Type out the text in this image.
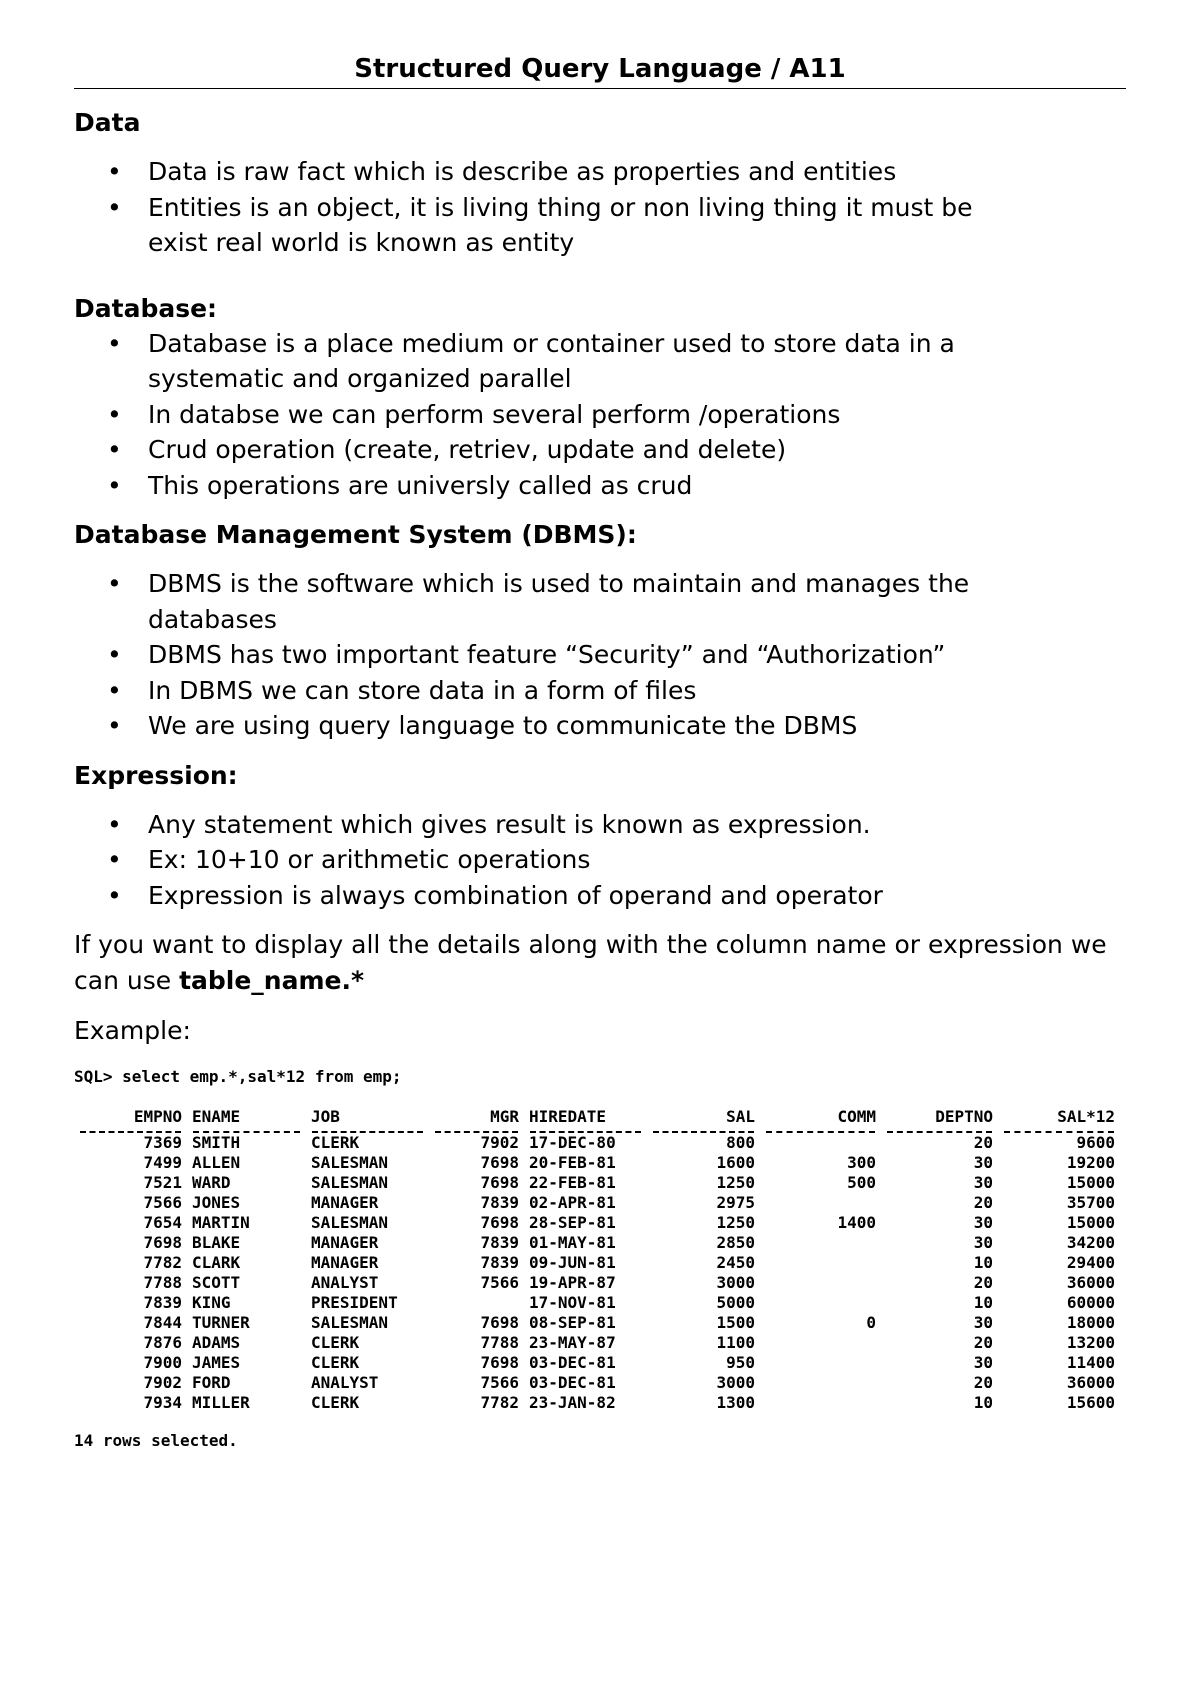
Structured Query Language / A11
Data
• Data is raw fact which is describe as properties and entities
• Entities is an object, it is living thing or non living thing it must be exist real world is known as entity
Database:
• Database is a place medium or container used to store data in a systematic and organized parallel
• In databse we can perform several perform /operations
• Crud operation (create, retriev, update and delete)
• This operations are universly called as crud
Database Management System (DBMS):
• DBMS is the software which is used to maintain and manages the databases
• DBMS has two important feature “Security” and “Authorization”
• In DBMS we can store data in a form of files
• We are using query language to communicate the DBMS
Expression:
• Any statement which gives result is known as expression.
• Ex: 10+10 or arithmetic operations
• Expression is always combination of operand and operator

If you want to display all the details along with the column name or expression we can use table_name.*

Example:

SQL> select emp.*,sal*12 from emp;
EMPNO	ENAME	JOB	MGR	HIREDATE	SAL	COMM	DEPTNO	SAL*12

7369	SMITH	CLERK	7902	17-DEC-80	800		20	9600
7499	ALLEN	SALESMAN	7698	20-FEB-81	1600	300	30	19200
7521	WARD	SALESMAN	7698	22-FEB-81	1250	500	30	15000
7566	JONES	MANAGER	7839	02-APR-81	2975		20	35700
7654	MARTIN	SALESMAN	7698	28-SEP-81	1250	1400	30	15000
7698	BLAKE	MANAGER	7839	01-MAY-81	2850		30	34200
7782	CLARK	MANAGER	7839	09-JUN-81	2450		10	29400
7788	SCOTT	ANALYST	7566	19-APR-87	3000		20	36000
7839	KING	PRESIDENT		17-NOV-81	5000		10	60000
7844	TURNER	SALESMAN	7698	08-SEP-81	1500	0	30	18000
7876	ADAMS	CLERK	7788	23-MAY-87	1100		20	13200
7900	JAMES	CLERK	7698	03-DEC-81	950		30	11400
7902	FORD	ANALYST	7566	03-DEC-81	3000		20	36000
7934	MILLER	CLERK	7782	23-JAN-82	1300		10	15600
14 rows selected.
